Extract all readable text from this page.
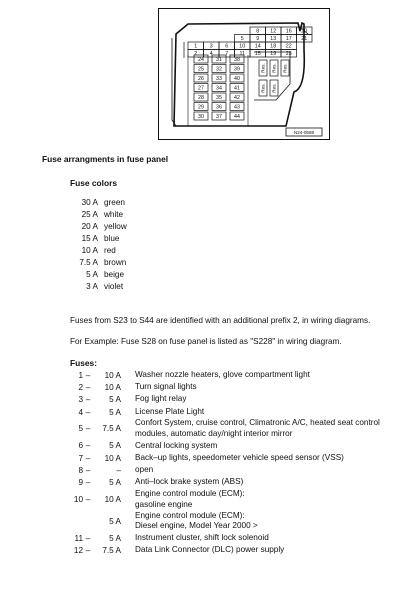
8 12 16 20
5 9 13 17 21
1 3 6 10 14 18 22
2 4 7 11 15 19 23
24
25
26
27
28
29
30
31
32
33
34
35
36
37
38
39
40
41
42
43
44
Res. Res. Res.
Res. Res.
N24-0588
Fuse arrangments in fuse panel
Fuse colors
30 A green
25 A white
20 A yellow
15 A blue
10 A red
7.5 A brown
5 A beige
3 A violet

Fuses from S23 to S44 are identified with an additional prefix 2, in wiring diagrams.

For Example: Fuse S28 on fuse panel is listed as "S228" in wiring diagram.

Fuses:
1 –	10 A Washer nozzle heaters, glove compartment light
2 –	10 A Turn signal lights
3 –	5 A Fog light relay
4 –	5 A License Plate Light
5 –	7.5 A
Confort System, cruise control, Climatronic A/C, heated seat control
modules, automatic day/night interior mirror
6 –	5 A Central locking system
7 –	10 A Back–up lights, speedometer vehicle speed sensor (VSS)
8 –	– open
9 –	5 A Anti–lock brake system (ABS)
10 –	10 A
Engine control module (ECM):
gasoline engine
5 A
Engine control module (ECM):
Diesel engine, Model Year 2000 >
11 –	5 A Instrument cluster, shift lock solenoid
12 –	7.5 A Data Link Connector (DLC) power supply
